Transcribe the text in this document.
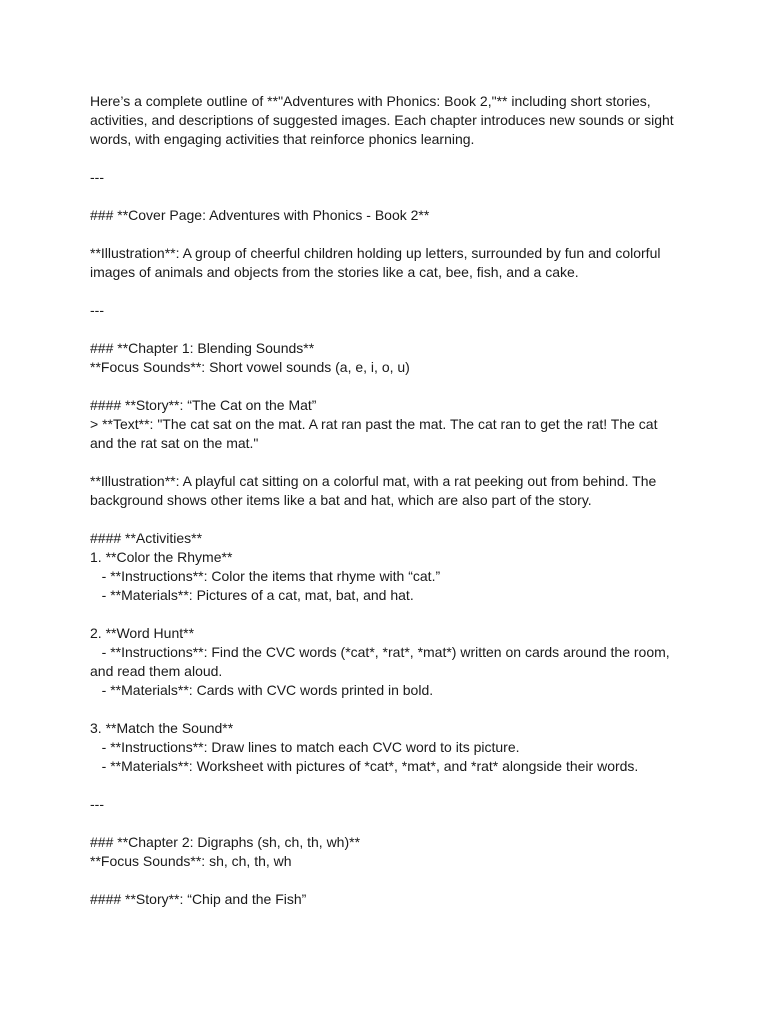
Here’s a complete outline of **"Adventures with Phonics: Book 2,"** including short stories, activities, and descriptions of suggested images. Each chapter introduces new sounds or sight words, with engaging activities that reinforce phonics learning.

---

### **Cover Page: Adventures with Phonics - Book 2**

**Illustration**: A group of cheerful children holding up letters, surrounded by fun and colorful images of animals and objects from the stories like a cat, bee, fish, and a cake.

---

### **Chapter 1: Blending Sounds**

**Focus Sounds**: Short vowel sounds (a, e, i, o, u)

#### **Story**: “The Cat on the Mat”

> **Text**: "The cat sat on the mat. A rat ran past the mat. The cat ran to get the rat! The cat and the rat sat on the mat."

**Illustration**: A playful cat sitting on a colorful mat, with a rat peeking out from behind. The background shows other items like a bat and hat, which are also part of the story.

#### **Activities**

1. **Color the Rhyme**

- **Instructions**: Color the items that rhyme with “cat.”

- **Materials**: Pictures of a cat, mat, bat, and hat.

2. **Word Hunt**

- **Instructions**: Find the CVC words (*cat*, *rat*, *mat*) written on cards around the room, and read them aloud.

- **Materials**: Cards with CVC words printed in bold.

3. **Match the Sound**

- **Instructions**: Draw lines to match each CVC word to its picture.

- **Materials**: Worksheet with pictures of *cat*, *mat*, and *rat* alongside their words.

---

### **Chapter 2: Digraphs (sh, ch, th, wh)**

**Focus Sounds**: sh, ch, th, wh

#### **Story**: “Chip and the Fish”
